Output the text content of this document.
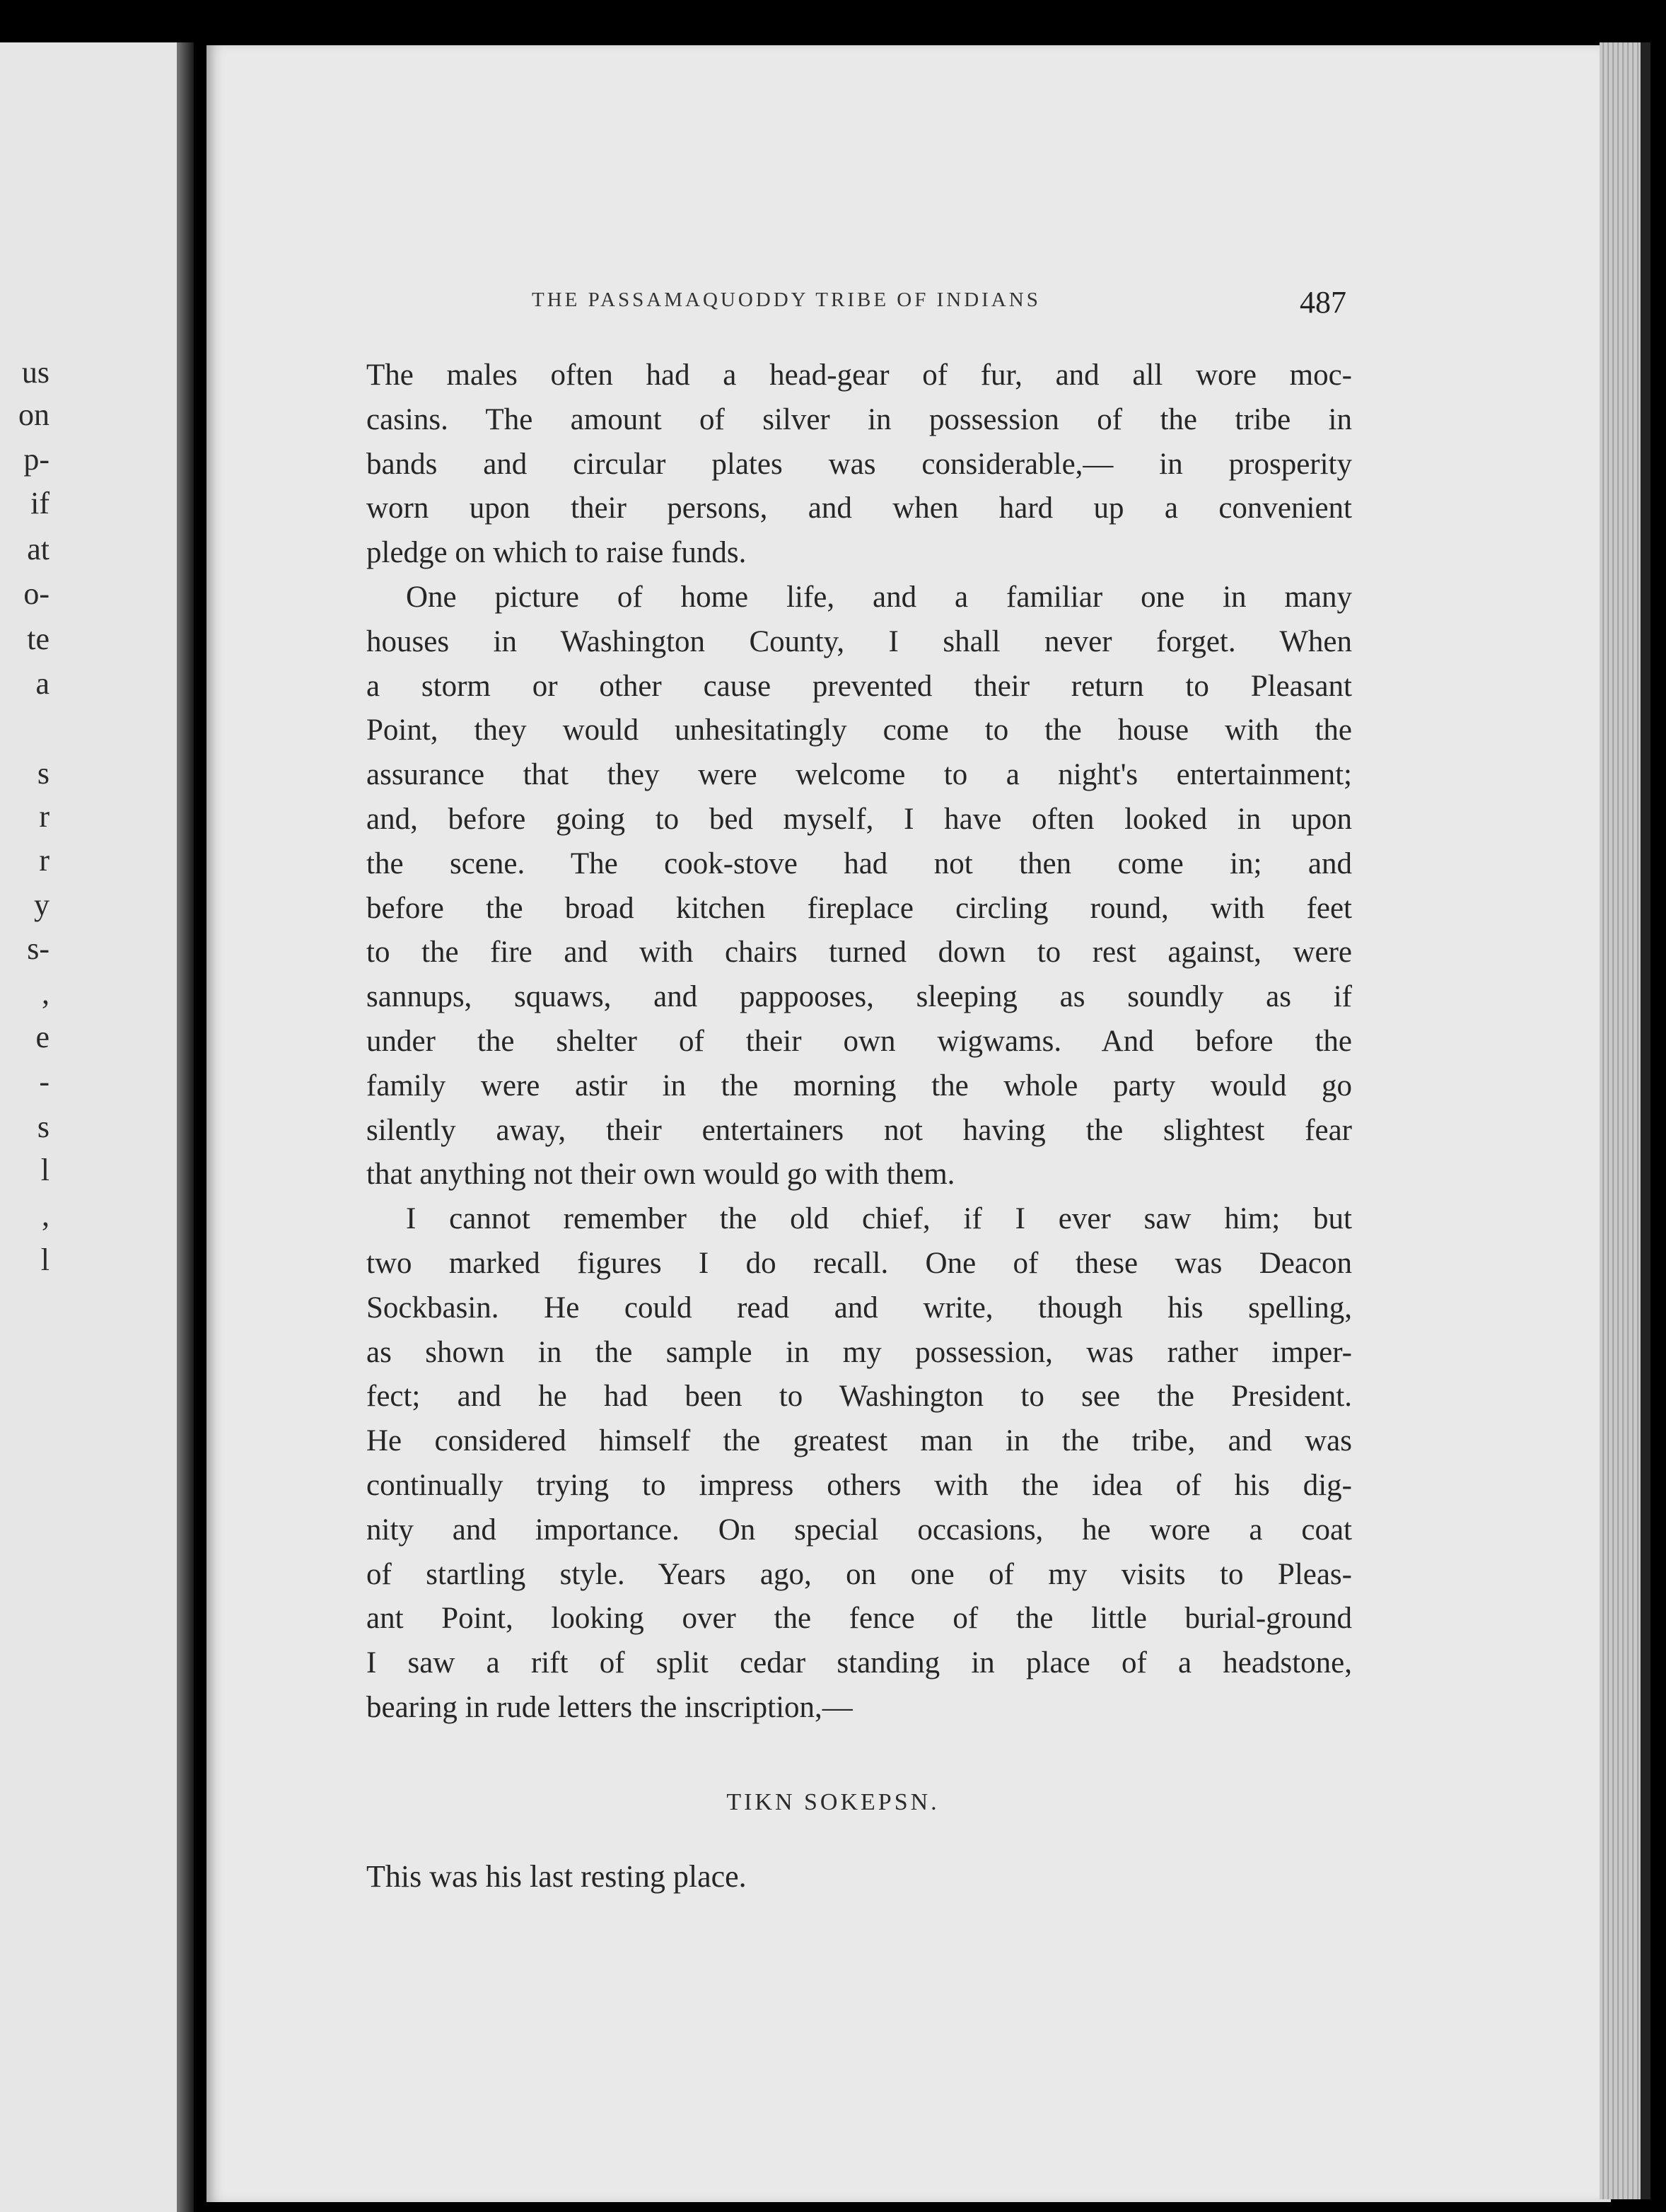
us
on
p-
if
at
o-
te
a
s
r
r
y
s-
,
e
-
s
l
,
l
THE PASSAMAQUODDY TRIBE OF INDIANS	487
The males often had a head-gear of fur, and all wore moc-
casins. The amount of silver in possession of the tribe in
bands and circular plates was considerable,— in prosperity
worn upon their persons, and when hard up a convenient
pledge on which to raise funds.
One picture of home life, and a familiar one in many
houses in Washington County, I shall never forget. When
a storm or other cause prevented their return to Pleasant
Point, they would unhesitatingly come to the house with the
assurance that they were welcome to a night's entertainment;
and, before going to bed myself, I have often looked in upon
the scene. The cook-stove had not then come in; and
before the broad kitchen fireplace circling round, with feet
to the fire and with chairs turned down to rest against, were
sannups, squaws, and pappooses, sleeping as soundly as if
under the shelter of their own wigwams. And before the
family were astir in the morning the whole party would go
silently away, their entertainers not having the slightest fear
that anything not their own would go with them.
I cannot remember the old chief, if I ever saw him; but
two marked figures I do recall. One of these was Deacon
Sockbasin. He could read and write, though his spelling,
as shown in the sample in my possession, was rather imper-
fect; and he had been to Washington to see the President.
He considered himself the greatest man in the tribe, and was
continually trying to impress others with the idea of his dig-
nity and importance. On special occasions, he wore a coat
of startling style. Years ago, on one of my visits to Pleas-
ant Point, looking over the fence of the little burial-ground
I saw a rift of split cedar standing in place of a headstone,
bearing in rude letters the inscription,—
TIKN SOKEPSN.
This was his last resting place.
